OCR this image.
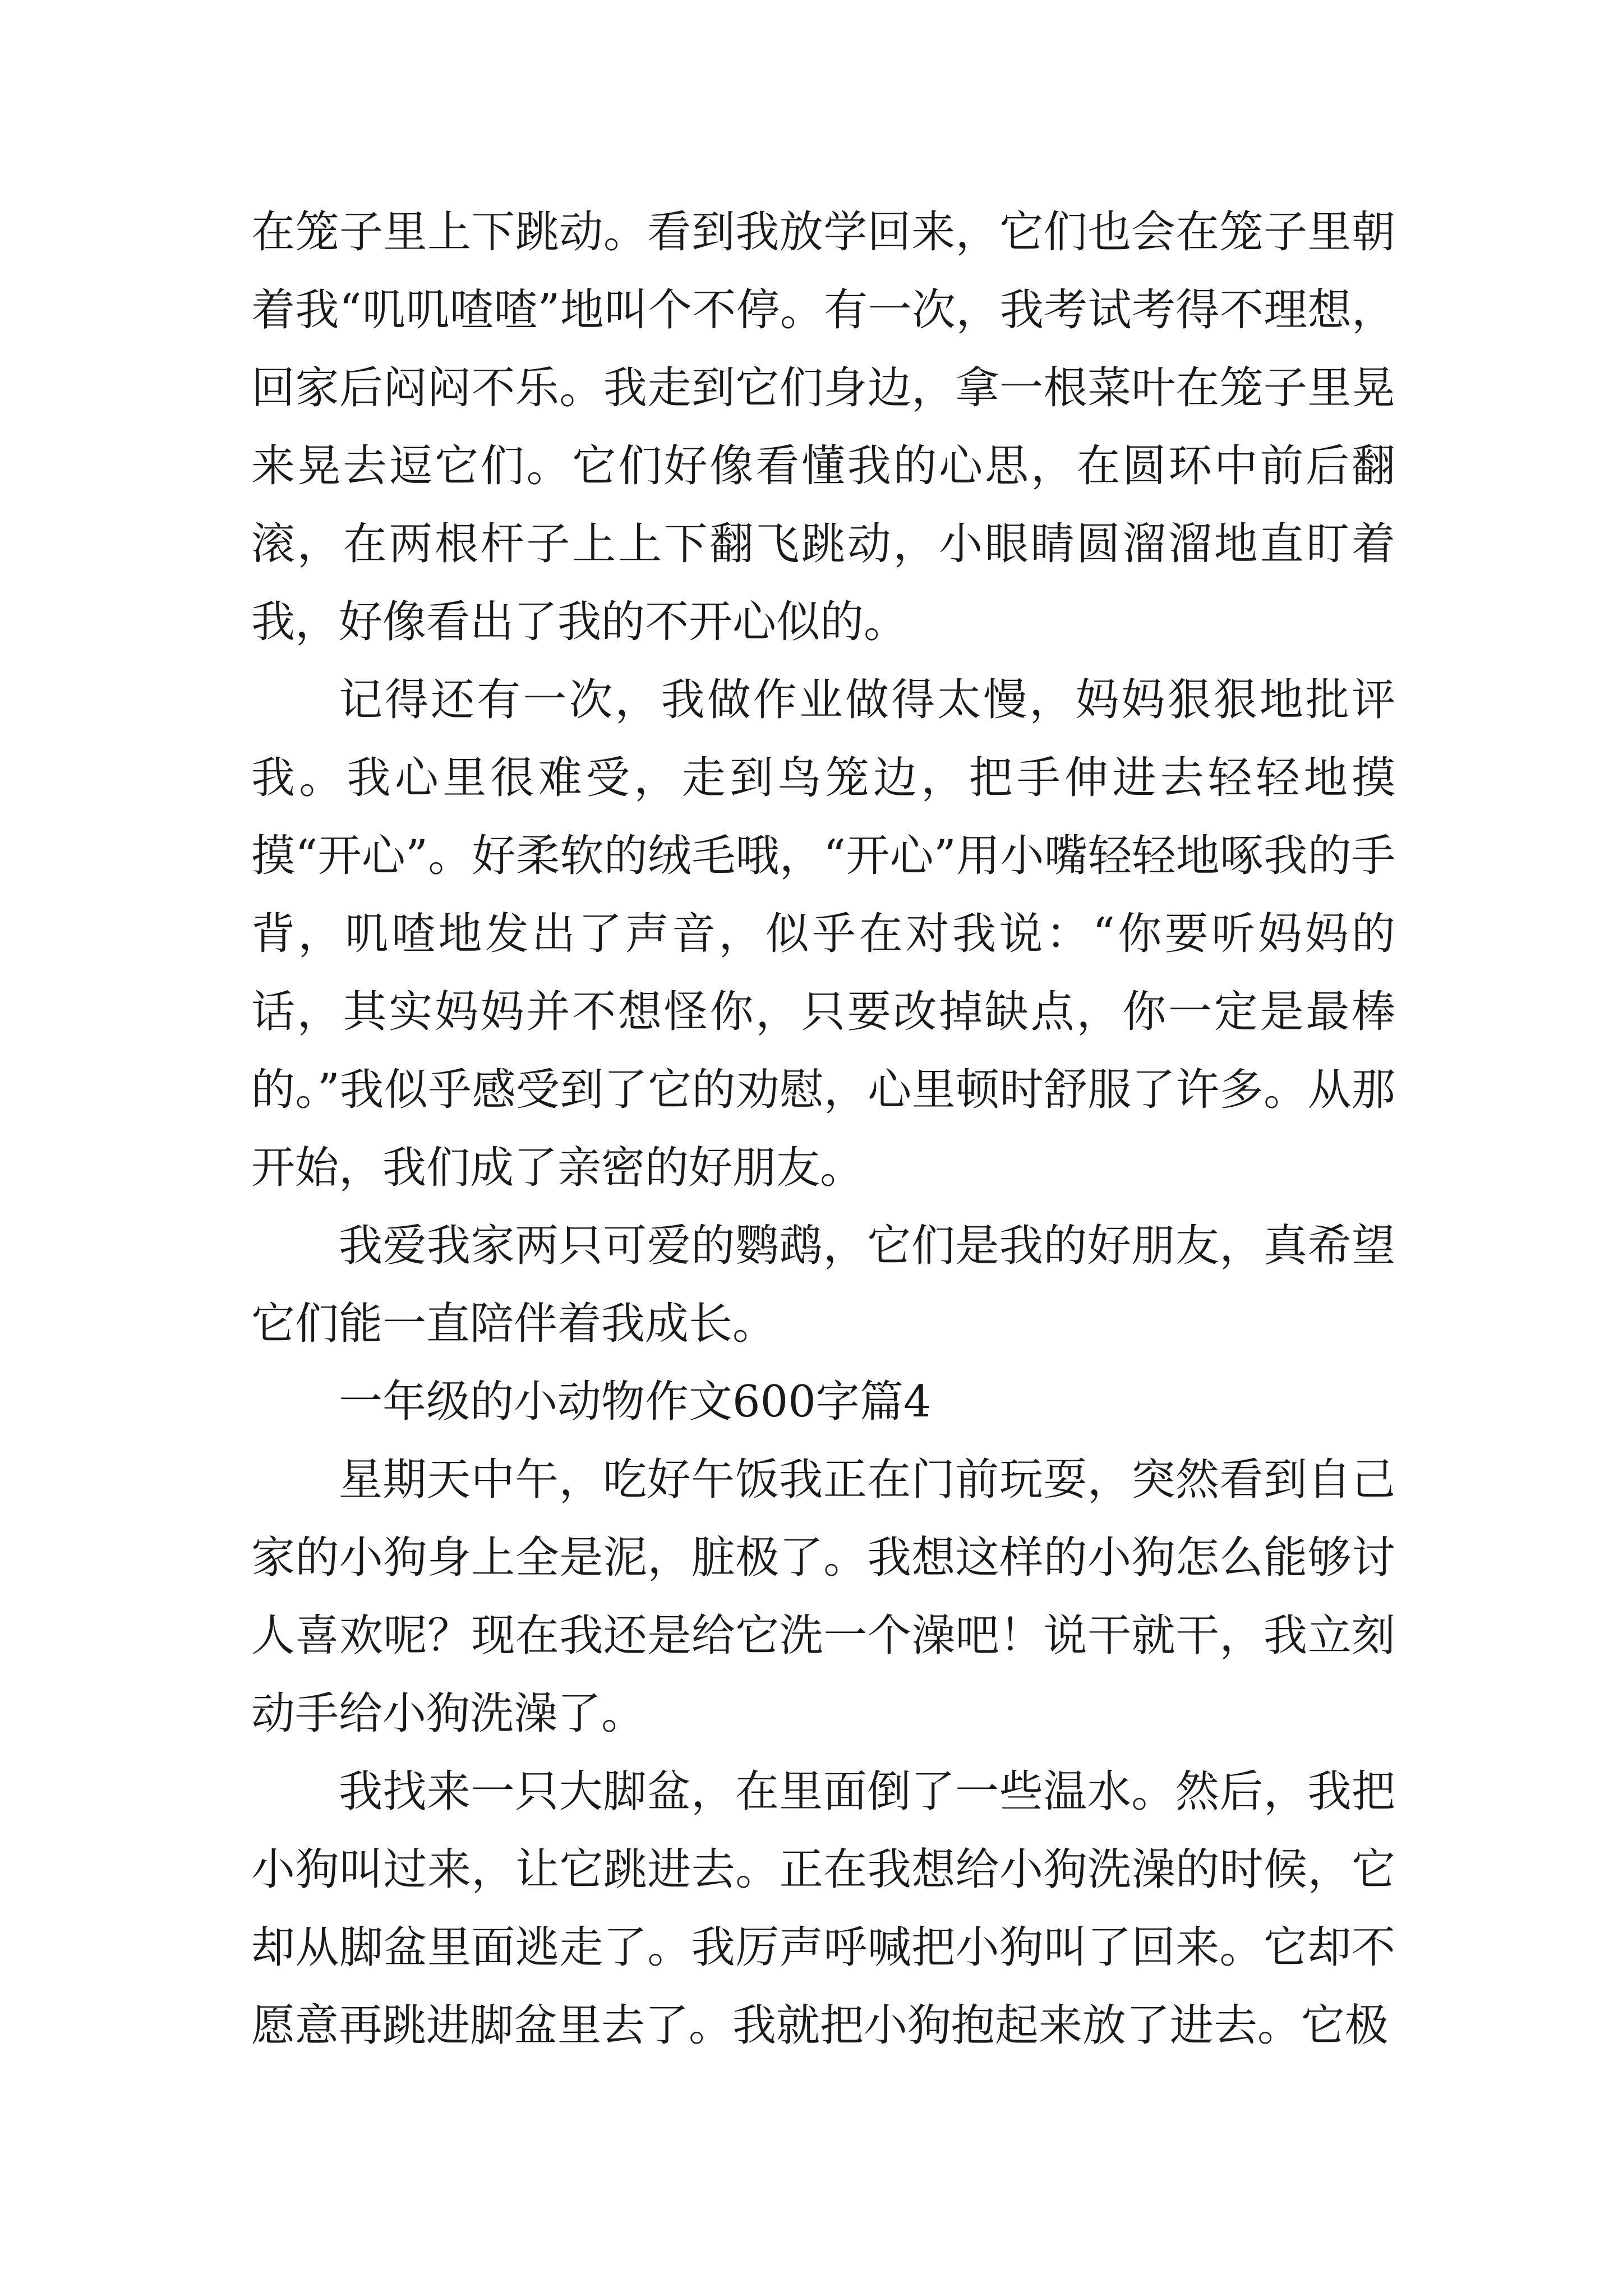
在笼子里上下跳动。看到我放学回来，它们也会在笼子里朝着我“叽叽喳喳”地叫个不停。有一次，我考试考得不理想，回家后闷闷不乐。我走到它们身边，拿一根菜叶在笼子里晃来晃去逗它们。它们好像看懂我的心思，在圆环中前后翻滚，在两根杆子上上下翻飞跳动，小眼睛圆溜溜地直盯着我，好像看出了我的不开心似的。

记得还有一次，我做作业做得太慢，妈妈狠狠地批评我。我心里很难受，走到鸟笼边，把手伸进去轻轻地摸摸“开心”。好柔软的绒毛哦，“开心”用小嘴轻轻地啄我的手背，叽喳地发出了声音，似乎在对我说：“你要听妈妈的话，其实妈妈并不想怪你，只要改掉缺点，你一定是最棒的。”我似乎感受到了它的劝慰，心里顿时舒服了许多。从那开始，我们成了亲密的好朋友。

我爱我家两只可爱的鹦鹉，它们是我的好朋友，真希望它们能一直陪伴着我成长。

一年级的小动物作文600字篇4

星期天中午，吃好午饭我正在门前玩耍，突然看到自己家的小狗身上全是泥，脏极了。我想这样的小狗怎么能够讨人喜欢呢？现在我还是给它洗一个澡吧！说干就干，我立刻动手给小狗洗澡了。

我找来一只大脚盆，在里面倒了一些温水。然后，我把小狗叫过来，让它跳进去。正在我想给小狗洗澡的时候，它却从脚盆里面逃走了。我厉声呼喊把小狗叫了回来。它却不愿意再跳进脚盆里去了。我就把小狗抱起来放了进去。它极
